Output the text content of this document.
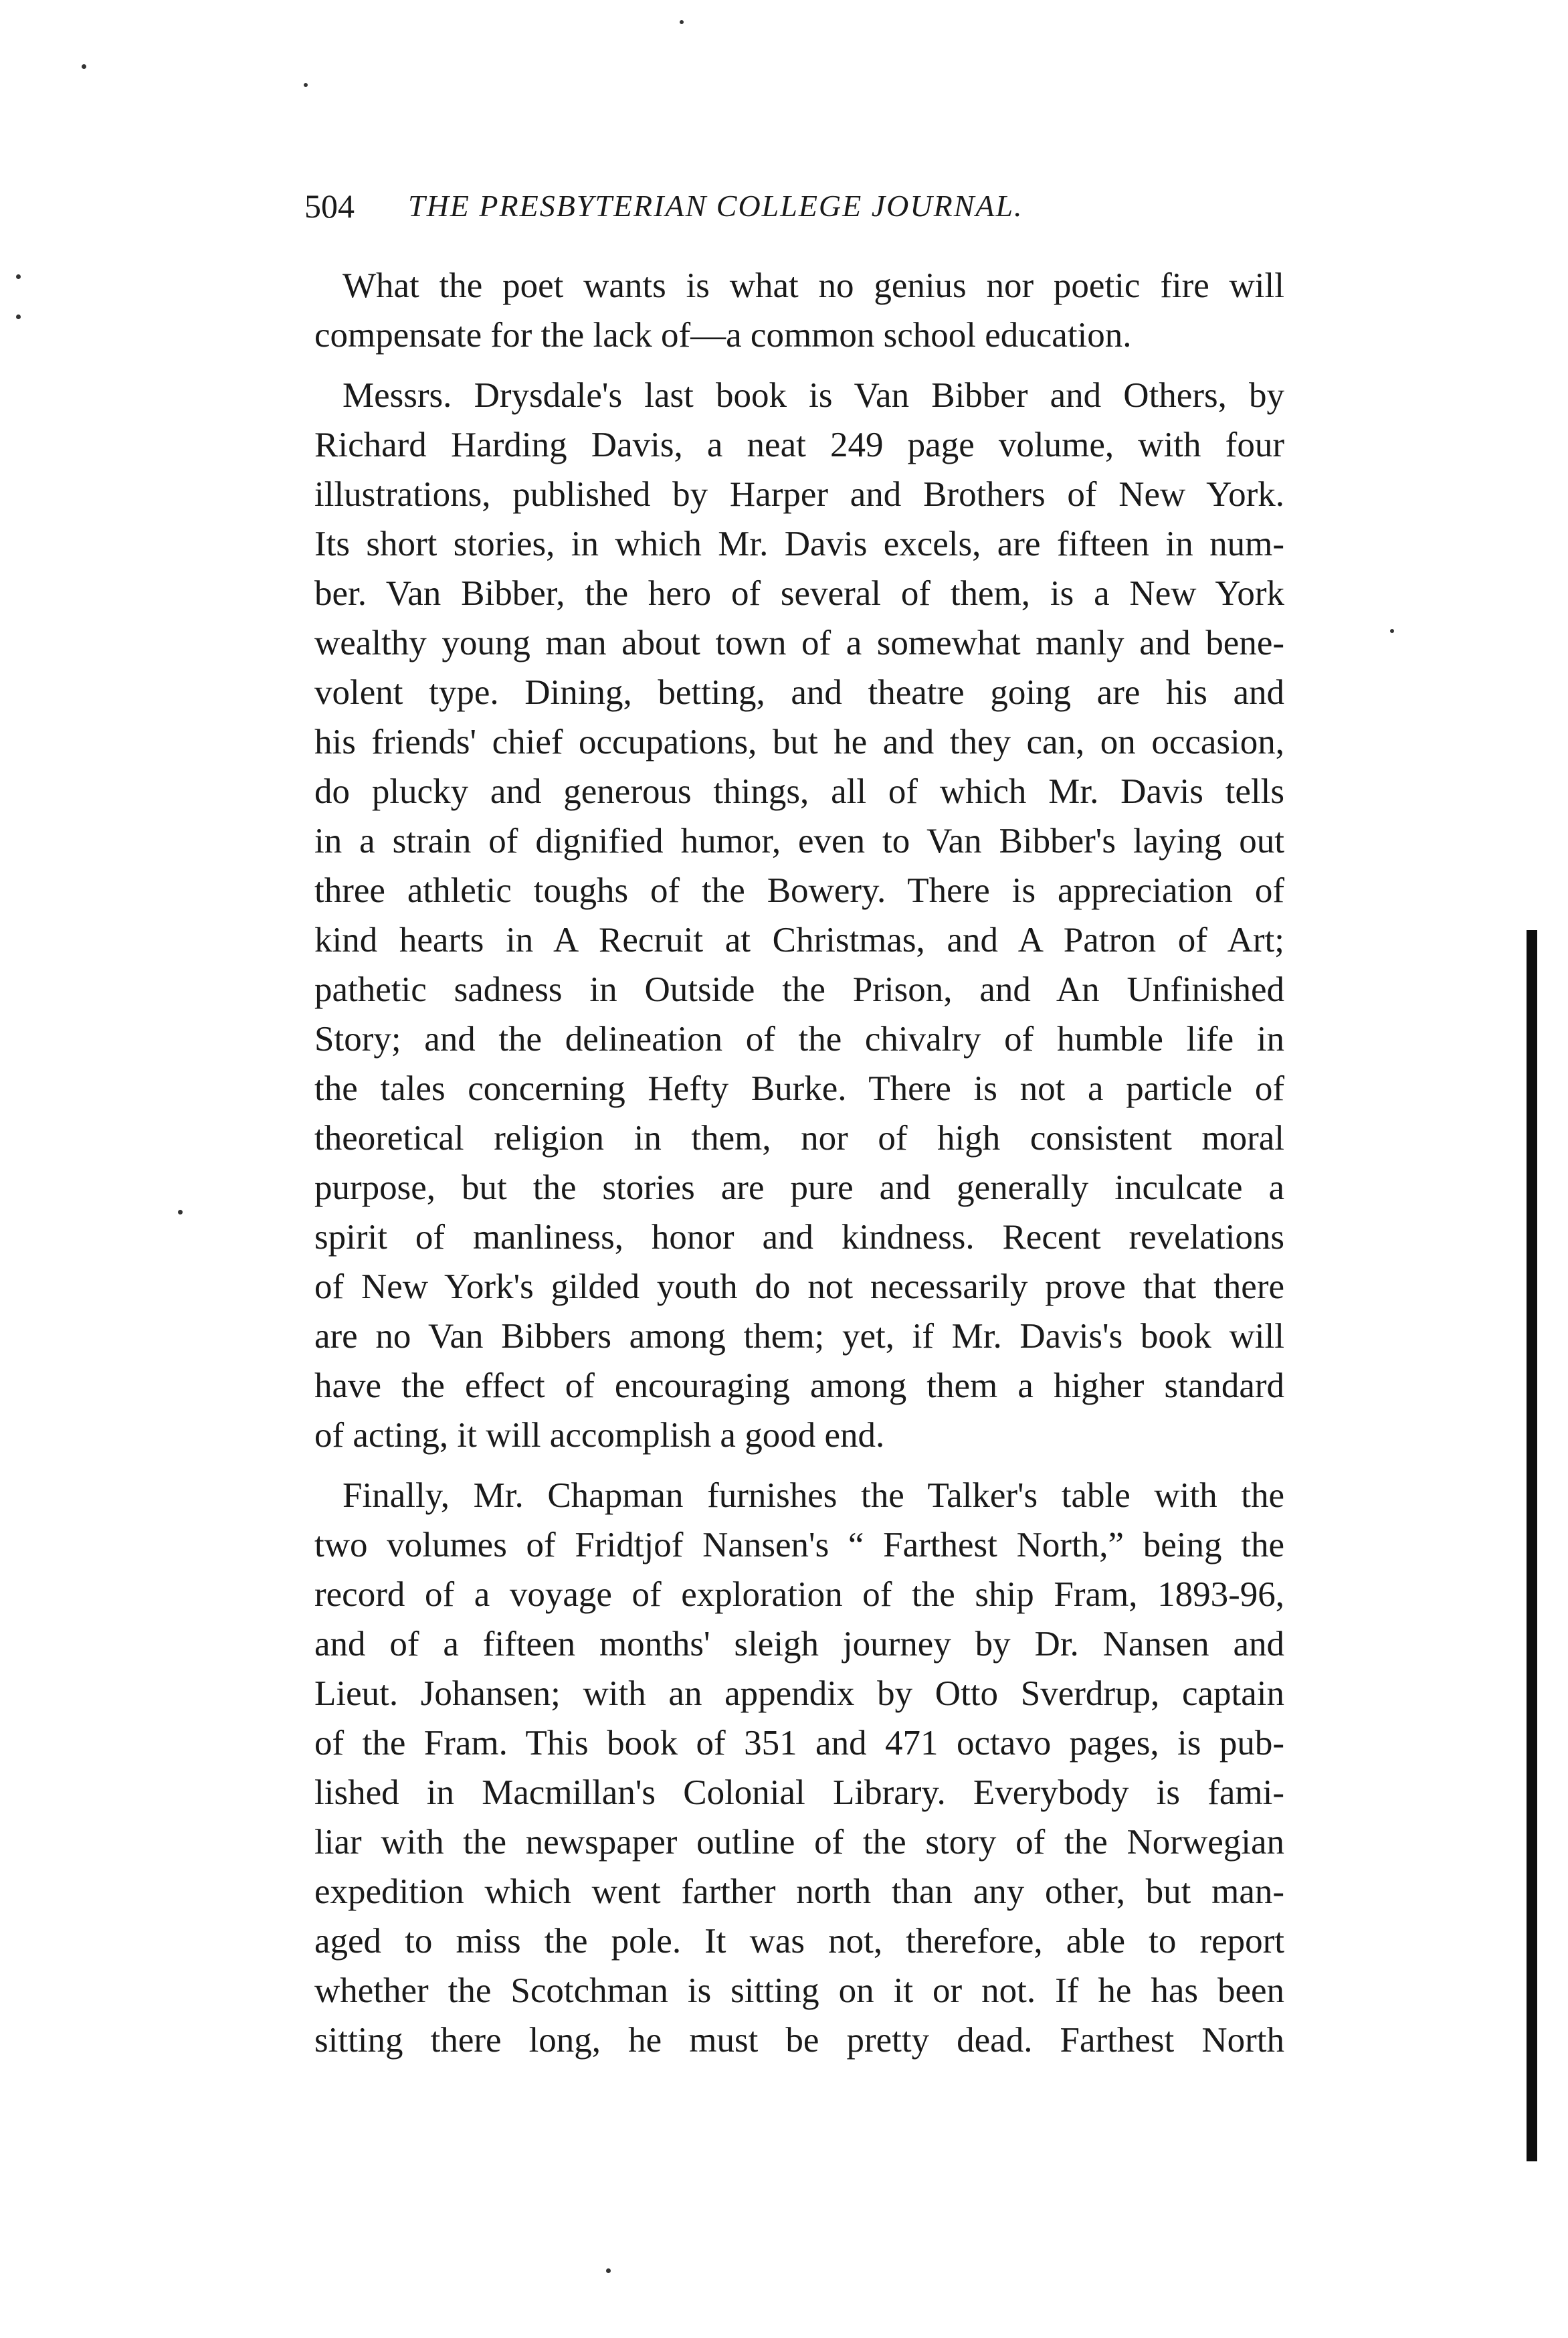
504 THE PRESBYTERIAN COLLEGE JOURNAL.
What the poet wants is what no genius nor poetic fire will
compensate for the lack of—a common school education.
Messrs. Drysdale's last book is Van Bibber and Others, by
Richard Harding Davis, a neat 249 page volume, with four
illustrations, published by Harper and Brothers of New York.
Its short stories, in which Mr. Davis excels, are fifteen in num-
ber. Van Bibber, the hero of several of them, is a New York
wealthy young man about town of a somewhat manly and bene-
volent type. Dining, betting, and theatre going are his and
his friends' chief occupations, but he and they can, on occasion,
do plucky and generous things, all of which Mr. Davis tells
in a strain of dignified humor, even to Van Bibber's laying out
three athletic toughs of the Bowery. There is appreciation of
kind hearts in A Recruit at Christmas, and A Patron of Art;
pathetic sadness in Outside the Prison, and An Unfinished
Story; and the delineation of the chivalry of humble life in
the tales concerning Hefty Burke. There is not a particle of
theoretical religion in them, nor of high consistent moral
purpose, but the stories are pure and generally inculcate a
spirit of manliness, honor and kindness. Recent revelations
of New York's gilded youth do not necessarily prove that there
are no Van Bibbers among them; yet, if Mr. Davis's book will
have the effect of encouraging among them a higher standard
of acting, it will accomplish a good end.
Finally, Mr. Chapman furnishes the Talker's table with the
two volumes of Fridtjof Nansen's “ Farthest North,” being the
record of a voyage of exploration of the ship Fram, 1893-96,
and of a fifteen months' sleigh journey by Dr. Nansen and
Lieut. Johansen; with an appendix by Otto Sverdrup, captain
of the Fram. This book of 351 and 471 octavo pages, is pub-
lished in Macmillan's Colonial Library. Everybody is fami-
liar with the newspaper outline of the story of the Norwegian
expedition which went farther north than any other, but man-
aged to miss the pole. It was not, therefore, able to report
whether the Scotchman is sitting on it or not. If he has been
sitting there long, he must be pretty dead. Farthest North
